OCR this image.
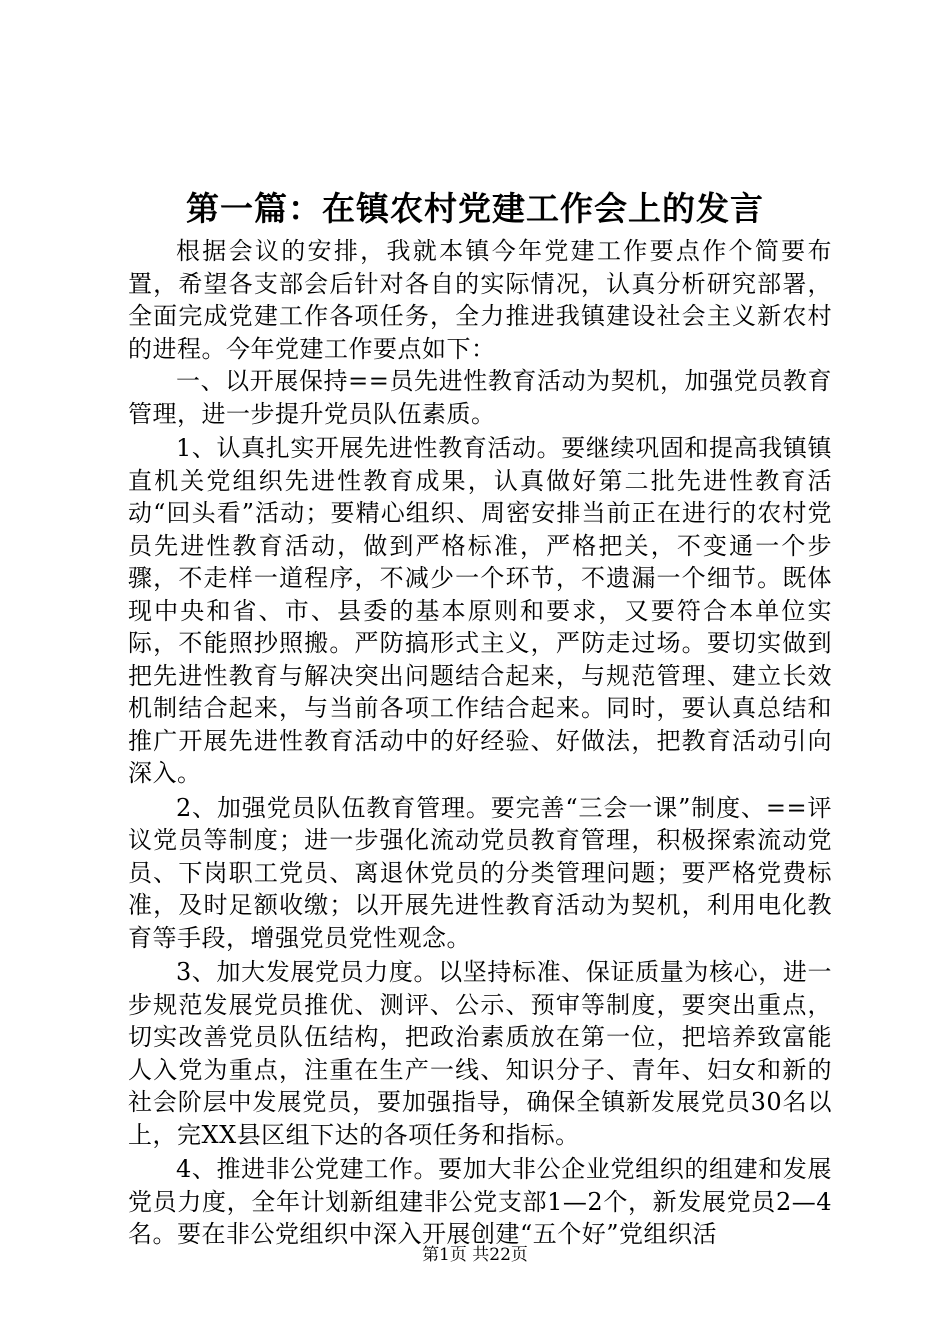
第一篇：在镇农村党建工作会上的发言

根据会议的安排，我就本镇今年党建工作要点作个简要布置，希望各支部会后针对各自的实际情况，认真分析研究部署，全面完成党建工作各项任务，全力推进我镇建设社会主义新农村的进程。今年党建工作要点如下：

一、以开展保持==员先进性教育活动为契机，加强党员教育管理，进一步提升党员队伍素质。

1、认真扎实开展先进性教育活动。要继续巩固和提高我镇镇直机关党组织先进性教育成果，认真做好第二批先进性教育活动“回头看”活动；要精心组织、周密安排当前正在进行的农村党员先进性教育活动，做到严格标准，严格把关，不变通一个步骤，不走样一道程序，不减少一个环节，不遗漏一个细节。既体现中央和省、市、县委的基本原则和要求，又要符合本单位实际，不能照抄照搬。严防搞形式主义，严防走过场。要切实做到把先进性教育与解决突出问题结合起来，与规范管理、建立长效机制结合起来，与当前各项工作结合起来。同时，要认真总结和推广开展先进性教育活动中的好经验、好做法，把教育活动引向深入。

2、加强党员队伍教育管理。要完善“三会一课”制度、==评议党员等制度；进一步强化流动党员教育管理，积极探索流动党员、下岗职工党员、离退休党员的分类管理问题；要严格党费标准，及时足额收缴；以开展先进性教育活动为契机，利用电化教育等手段，增强党员党性观念。

3、加大发展党员力度。以坚持标准、保证质量为核心，进一步规范发展党员推优、测评、公示、预审等制度，要突出重点，切实改善党员队伍结构，把政治素质放在第一位，把培养致富能人入党为重点，注重在生产一线、知识分子、青年、妇女和新的社会阶层中发展党员，要加强指导，确保全镇新发展党员30名以上，完XX县区组下达的各项任务和指标。

4、推进非公党建工作。要加大非公企业党组织的组建和发展党员力度，全年计划新组建非公党支部1—2个，新发展党员2—4名。要在非公党组织中深入开展创建“五个好”党组织活

第1页 共22页
